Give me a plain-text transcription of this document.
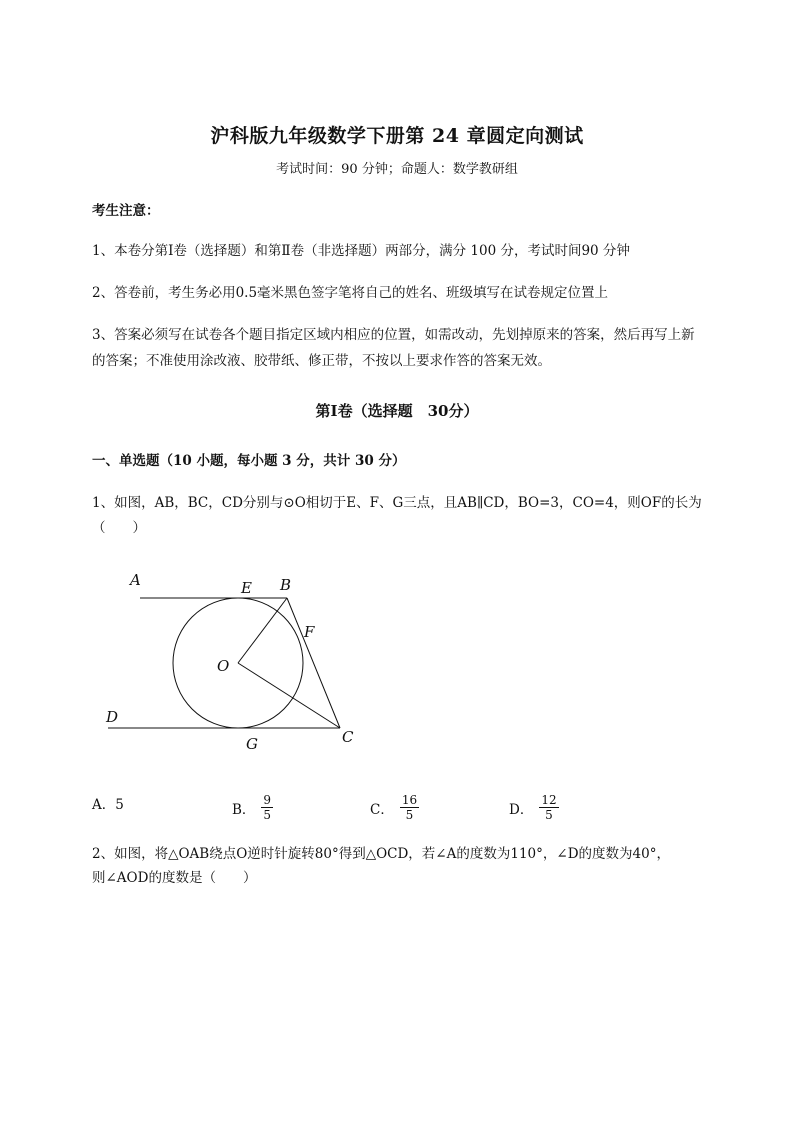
沪科版九年级数学下册第 24 章圆定向测试
考试时间：90 分钟；命题人：数学教研组
考生注意：
1、本卷分第Ⅰ卷（选择题）和第Ⅱ卷（非选择题）两部分，满分 100 分，考试时间90 分钟
2、答卷前，考生务必用0.5毫米黑色签字笔将自己的姓名、班级填写在试卷规定位置上
3、答案必须写在试卷各个题目指定区域内相应的位置，如需改动，先划掉原来的答案，然后再写上新
的答案；不准使用涂改液、胶带纸、修正带，不按以上要求作答的答案无效。
第Ⅰ卷（选择题　30分）
一、单选题（10 小题，每小题 3 分，共计 30 分）
1、如图，AB，BC，CD分别与⊙O相切于E、F、G三点，且AB∥CD，BO=3，CO=4，则OF的长为
（　　）
A	E B
F
O
D
G	C
A．5	B． $\frac{9}{5}$	C． $\frac{16}{5}$	D． $\frac{12}{5}$
2、如图，将△OAB绕点O逆时针旋转80°得到△OCD，若∠A的度数为110°，∠D的度数为40°，
则∠AOD的度数是（　　）
